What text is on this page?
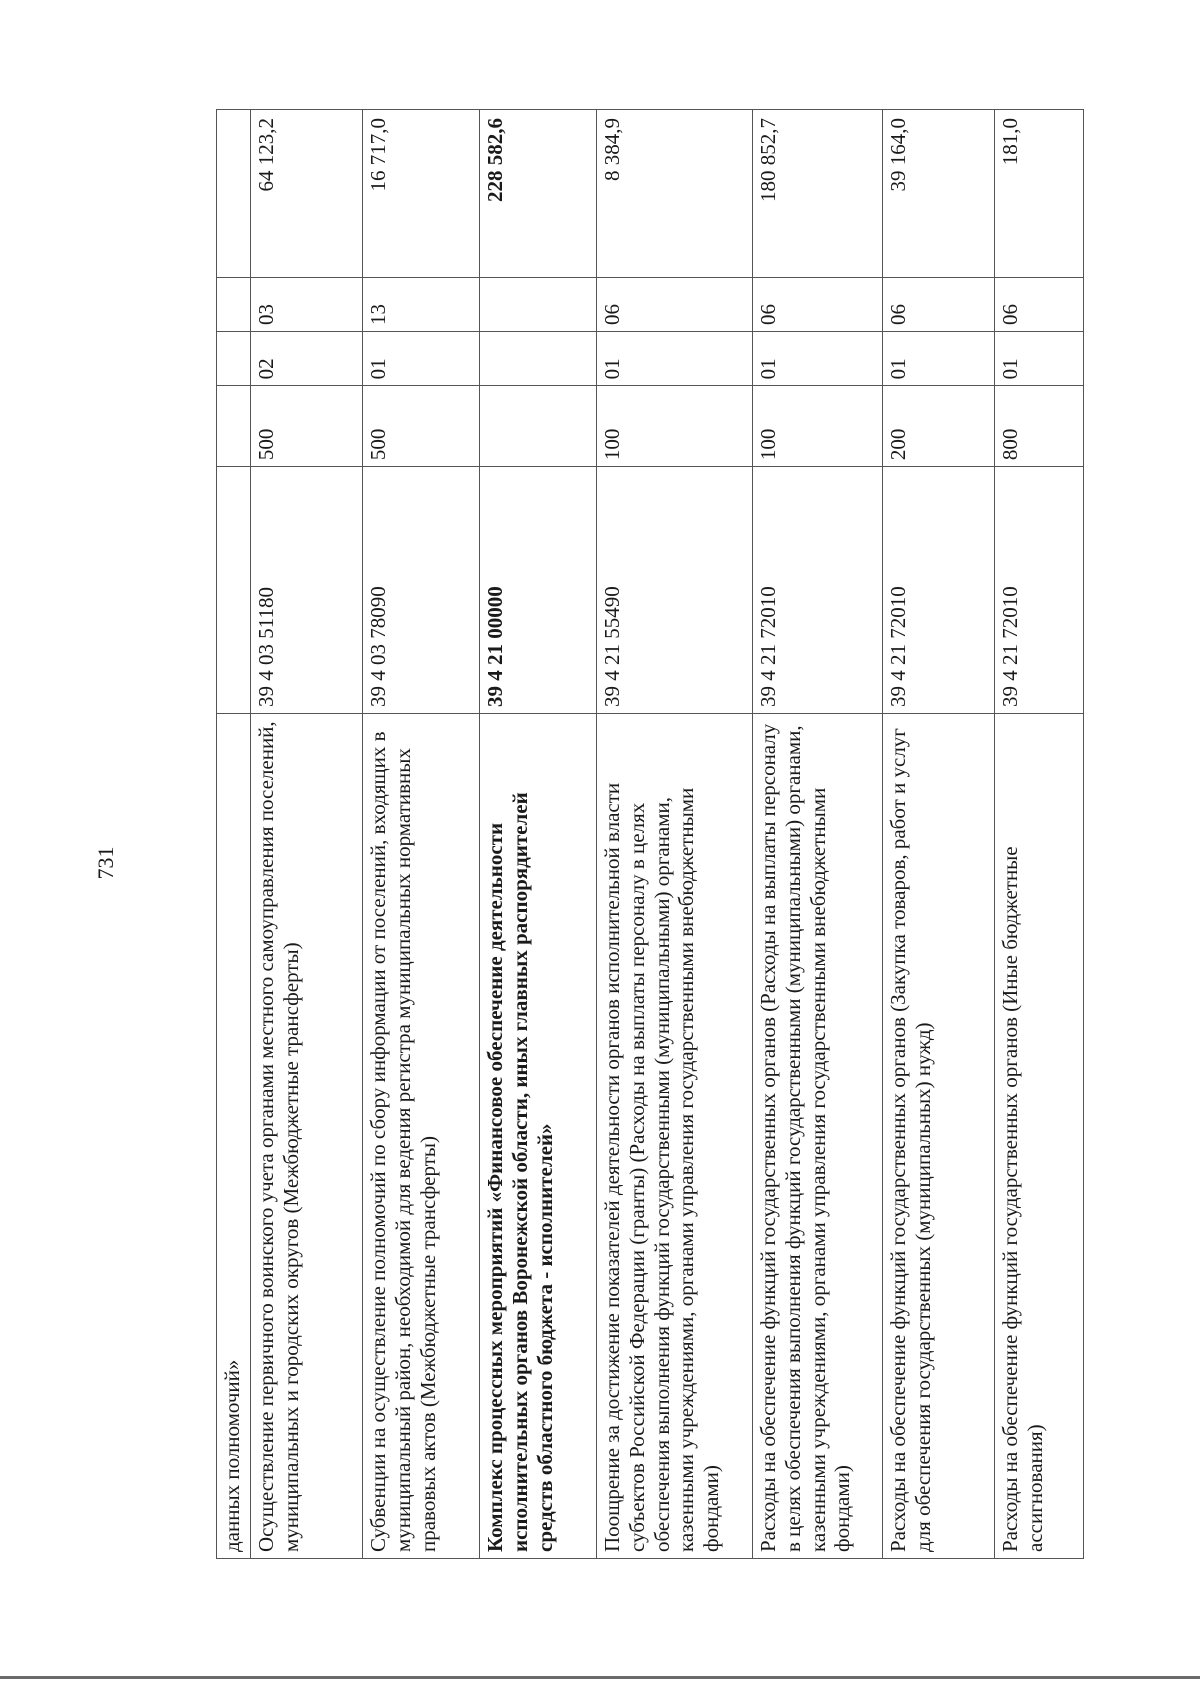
731
данных полномочий»					
Осуществление первичного воинского учета органами местного самоуправления поселений, муниципальных и городских округов (Межбюджетные трансферты)	39 4 03 51180	500	02	03	64 123,2
Субвенции на осуществление полномочий по сбору информации от поселений, входящих в муниципальный район, необходимой для ведения регистра муниципальных нормативных правовых актов (Межбюджетные трансферты)	39 4 03 78090	500	01	13	16 717,0
Комплекс процессных мероприятий «Финансовое обеспечение деятельности исполнительных органов Воронежской области, иных главных распорядителей средств областного бюджета - исполнителей»	39 4 21 00000				228 582,6
Поощрение за достижение показателей деятельности органов исполнительной власти субъектов Российской Федерации (гранты) (Расходы на выплаты персоналу в целях обеспечения выполнения функций государственными (муниципальными) органами, казенными учреждениями, органами управления государственными внебюджетными фондами)	39 4 21 55490	100	01	06	8 384,9
Расходы на обеспечение функций государственных органов (Расходы на выплаты персоналу в целях обеспечения выполнения функций государственными (муниципальными) органами, казенными учреждениями, органами управления государственными внебюджетными фондами)	39 4 21 72010	100	01	06	180 852,7
Расходы на обеспечение функций государственных органов (Закупка товаров, работ и услуг для обеспечения государственных (муниципальных) нужд)	39 4 21 72010	200	01	06	39 164,0
Расходы на обеспечение функций государственных органов (Иные бюджетные ассигнования)	39 4 21 72010	800	01	06	181,0
